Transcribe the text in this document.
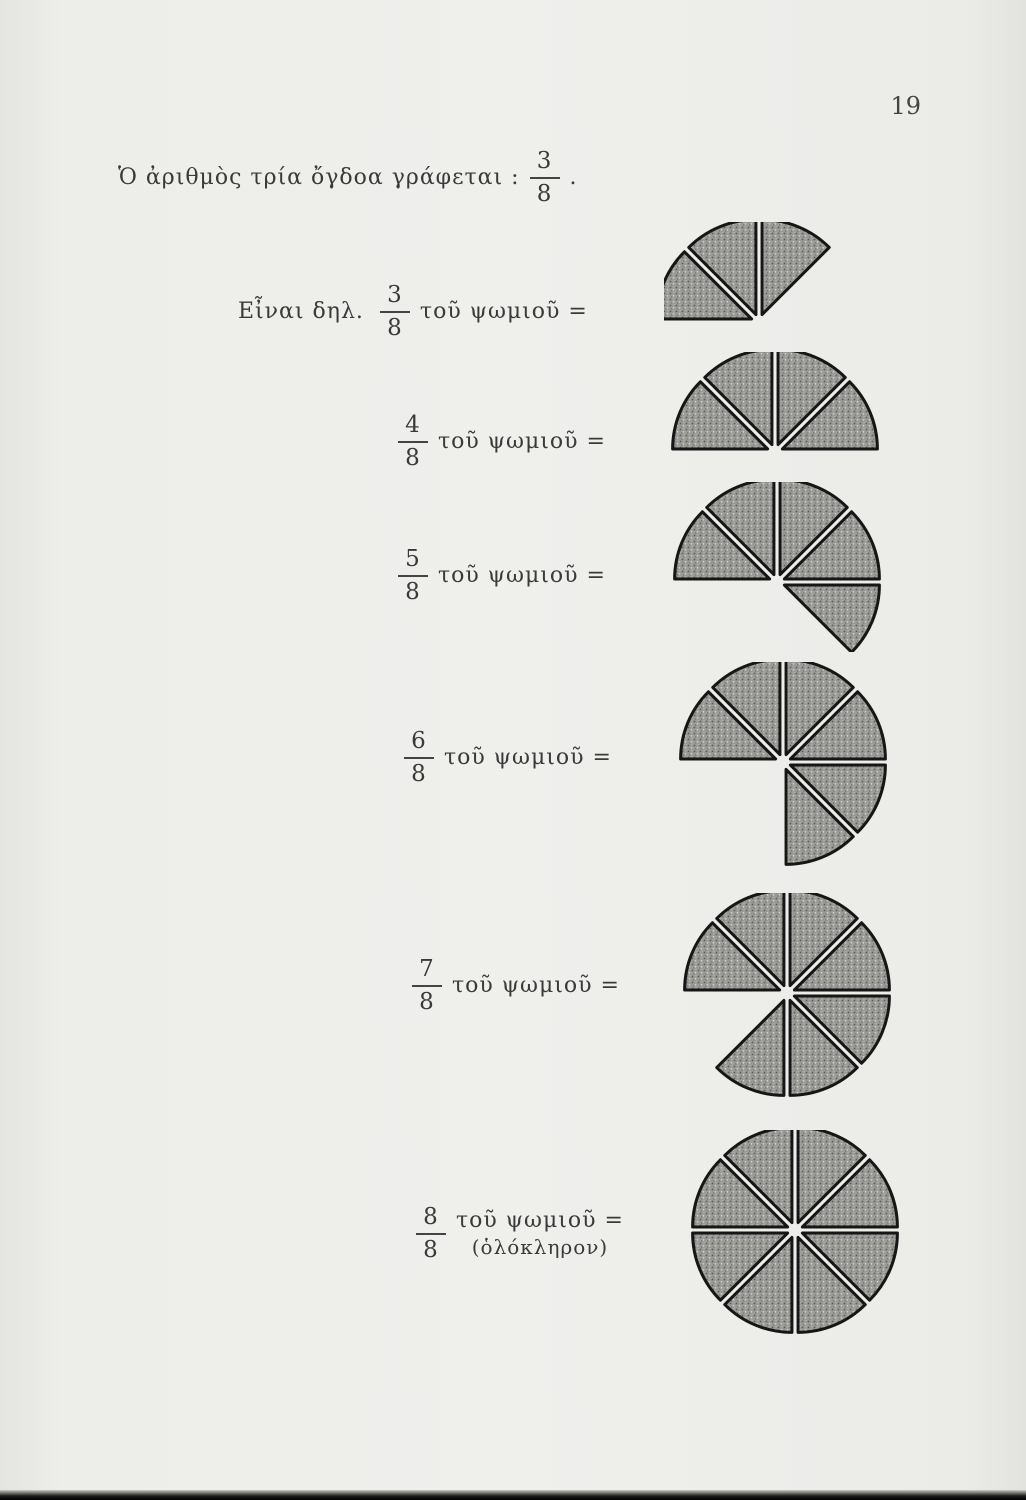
19
Ὁ ἀριθμὸς τρία ὄγδοα γράφεται : $\frac{3}{8}$ .
Εἶναι δηλ. $\frac{3}{8}$ τοῦ ψωμιοῦ =
$\frac{4}{8}$ τοῦ ψωμιοῦ =
$\frac{5}{8}$ τοῦ ψωμιοῦ =
$\frac{6}{8}$ τοῦ ψωμιοῦ =
$\frac{7}{8}$ τοῦ ψωμιοῦ =
$\frac{8}{8}$ τοῦ ψωμιοῦ =
(ὁλόκληρον)
